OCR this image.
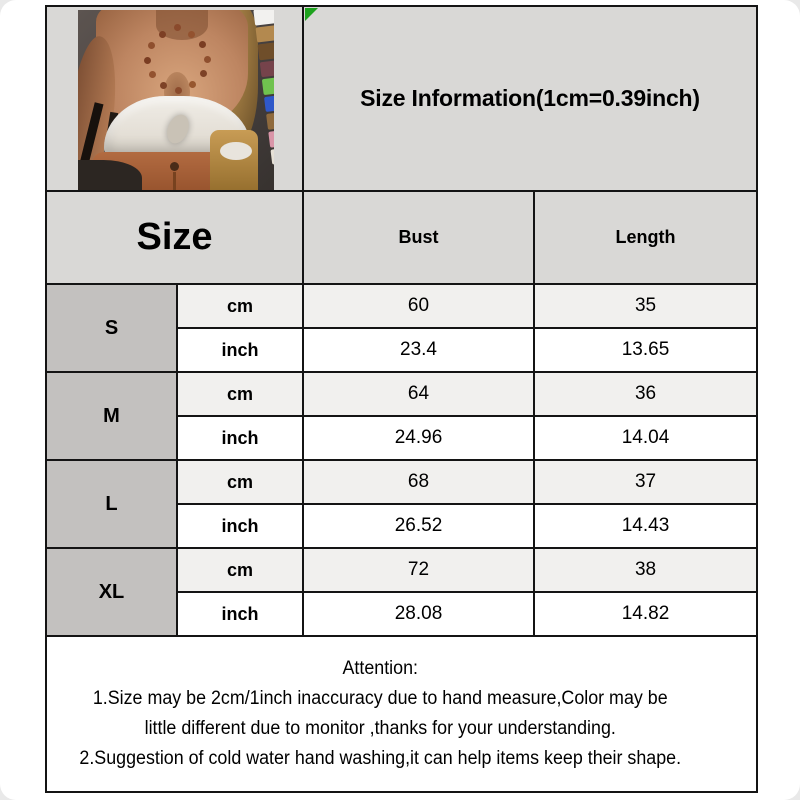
Size Information(1cm=0.39inch)	
Size		Bust	Length
S	cm	60	35
	inch	23.4	13.65
M	cm	64	36
	inch	24.96	14.04
L	cm	68	37
	inch	26.52	14.43
XL	cm	72	38
	inch	28.08	14.82

Attention:
1.Size may be 2cm/1inch inaccuracy due to hand measure,Color may be
little different due to monitor ,thanks for your understanding.
2.Suggestion of cold water hand washing,it can help items keep their shape.			
